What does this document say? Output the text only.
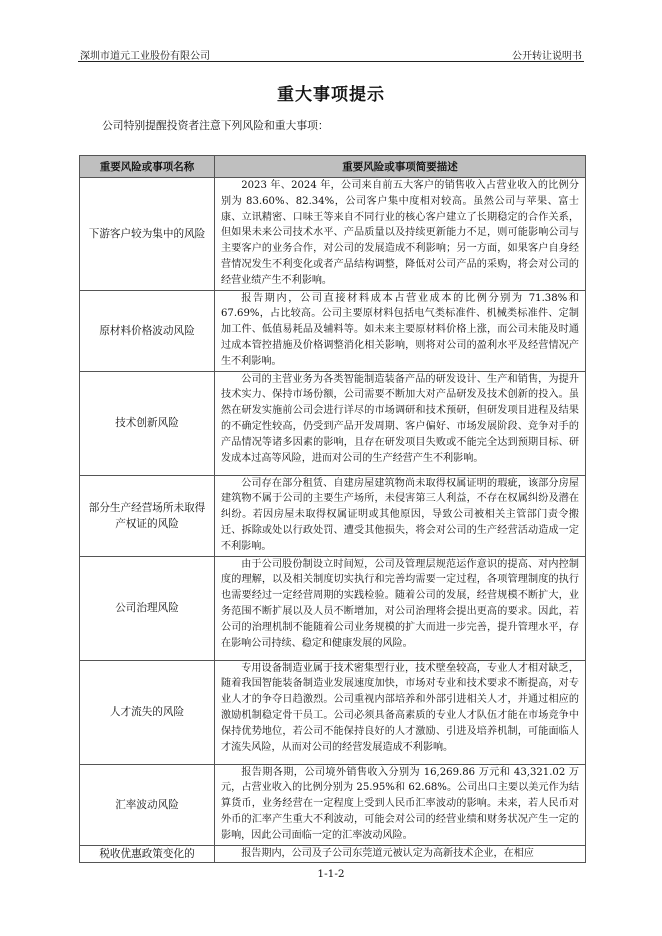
深圳市道元工业股份有限公司	公开转让说明书
重大事项提示
公司特别提醒投资者注意下列风险和重大事项：
重要风险或事项名称	重要风险或事项简要描述
下游客户较为集中的风险	2023 年、2024 年，公司来自前五大客户的销售收入占营业收入的比例分别为 83.60%、82.34%，公司客户集中度相对较高。虽然公司与苹果、富士康、立讯精密、口味王等来自不同行业的核心客户建立了长期稳定的合作关系，但如果未来公司技术水平、产品质量以及持续更新能力不足，则可能影响公司与主要客户的业务合作，对公司的发展造成不利影响；另一方面，如果客户自身经营情况发生不利变化或者产品结构调整，降低对公司产品的采购，将会对公司的经营业绩产生不利影响。
原材料价格波动风险	报告期内，公司直接材料成本占营业成本的比例分别为 71.38%和 67.69%，占比较高。公司主要原材料包括电气类标准件、机械类标准件、定制加工件、低值易耗品及辅料等。如未来主要原材料价格上涨，而公司未能及时通过成本管控措施及价格调整消化相关影响，则将对公司的盈利水平及经营情况产生不利影响。
技术创新风险	公司的主营业务为各类智能制造装备产品的研发设计、生产和销售，为提升技术实力、保持市场份额，公司需要不断加大对产品研发及技术创新的投入。虽然在研发实施前公司会进行详尽的市场调研和技术预研，但研发项目进程及结果的不确定性较高，仍受到产品开发周期、客户偏好、市场发展阶段、竞争对手的产品情况等诸多因素的影响，且存在研发项目失败或不能完全达到预期目标、研发成本过高等风险，进而对公司的生产经营产生不利影响。
部分生产经营场所未取得产权证的风险	公司存在部分租赁、自建房屋建筑物尚未取得权属证明的瑕疵，该部分房屋建筑物不属于公司的主要生产场所，未侵害第三人利益，不存在权属纠纷及潜在纠纷。若因房屋未取得权属证明或其他原因，导致公司被相关主管部门责令搬迁、拆除或处以行政处罚、遭受其他损失，将会对公司的生产经营活动造成一定不利影响。
公司治理风险	由于公司股份制设立时间短，公司及管理层规范运作意识的提高、对内控制度的理解，以及相关制度切实执行和完善均需要一定过程，各项管理制度的执行也需要经过一定经营周期的实践检验。随着公司的发展，经营规模不断扩大，业务范围不断扩展以及人员不断增加，对公司治理将会提出更高的要求。因此，若公司的治理机制不能随着公司业务规模的扩大而进一步完善，提升管理水平，存在影响公司持续、稳定和健康发展的风险。
人才流失的风险	专用设备制造业属于技术密集型行业，技术壁垒较高，专业人才相对缺乏，随着我国智能装备制造业发展速度加快，市场对专业和技术要求不断提高，对专业人才的争夺日趋激烈。公司重视内部培养和外部引进相关人才，并通过相应的激励机制稳定骨干员工。公司必须具备高素质的专业人才队伍才能在市场竞争中保持优势地位，若公司不能保持良好的人才激励、引进及培养机制，可能面临人才流失风险，从而对公司的经营发展造成不利影响。
汇率波动风险	报告期各期，公司境外销售收入分别为 16,269.86 万元和 43,321.02 万元，占营业收入的比例分别为 25.95%和 62.68%。公司出口主要以美元作为结算货币，业务经营在一定程度上受到人民币汇率波动的影响。未来，若人民币对外币的汇率产生重大不利波动，可能会对公司的经营业绩和财务状况产生一定的影响，因此公司面临一定的汇率波动风险。
税收优惠政策变化的	报告期内，公司及子公司东莞道元被认定为高新技术企业，在相应
1-1-2
